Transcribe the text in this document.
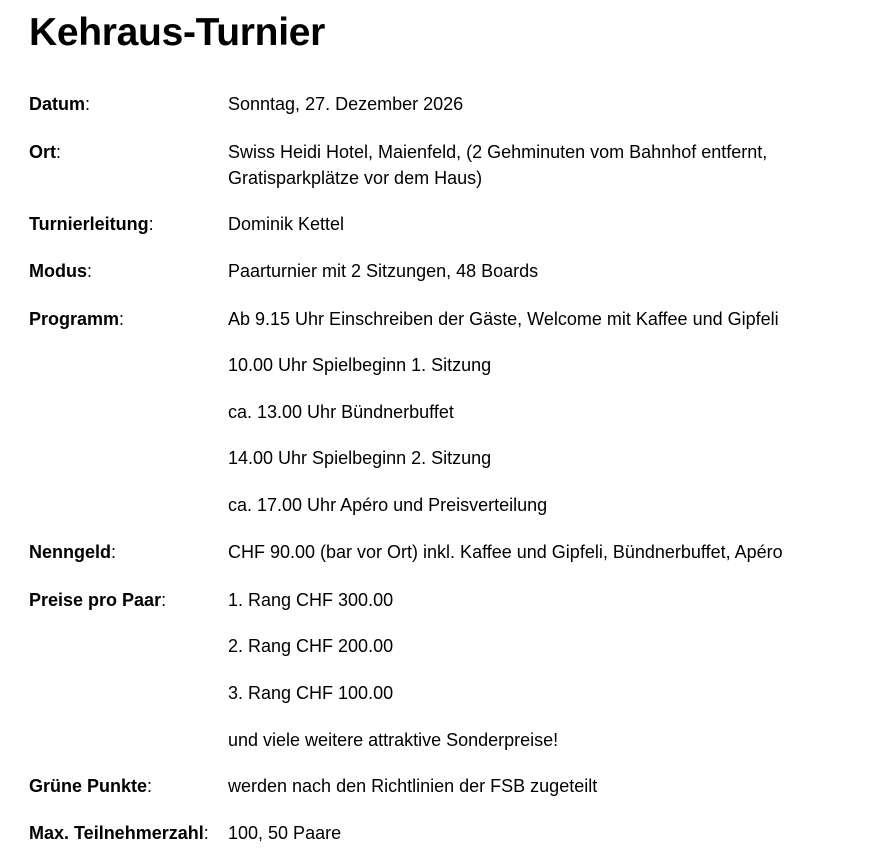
Kehraus-Turnier
Datum:	Sonntag, 27. Dezember 2026
Ort:	Swiss Heidi Hotel, Maienfeld, (2 Gehminuten vom Bahnhof entfernt,
Gratisparkplätze vor dem Haus)
Turnierleitung:	Dominik Kettel
Modus:	Paarturnier mit 2 Sitzungen, 48 Boards
Programm:	Ab 9.15 Uhr Einschreiben der Gäste, Welcome mit Kaffee und Gipfeli
10.00 Uhr Spielbeginn 1. Sitzung
ca. 13.00 Uhr Bündnerbuffet
14.00 Uhr Spielbeginn 2. Sitzung
ca. 17.00 Uhr Apéro und Preisverteilung
Nenngeld:	CHF 90.00 (bar vor Ort) inkl. Kaffee und Gipfeli, Bündnerbuffet, Apéro
Preise pro Paar:	1. Rang CHF 300.00
2. Rang CHF 200.00
3. Rang CHF 100.00
und viele weitere attraktive Sonderpreise!
Grüne Punkte:	werden nach den Richtlinien der FSB zugeteilt
Max. Teilnehmerzahl: 100, 50 Paare
